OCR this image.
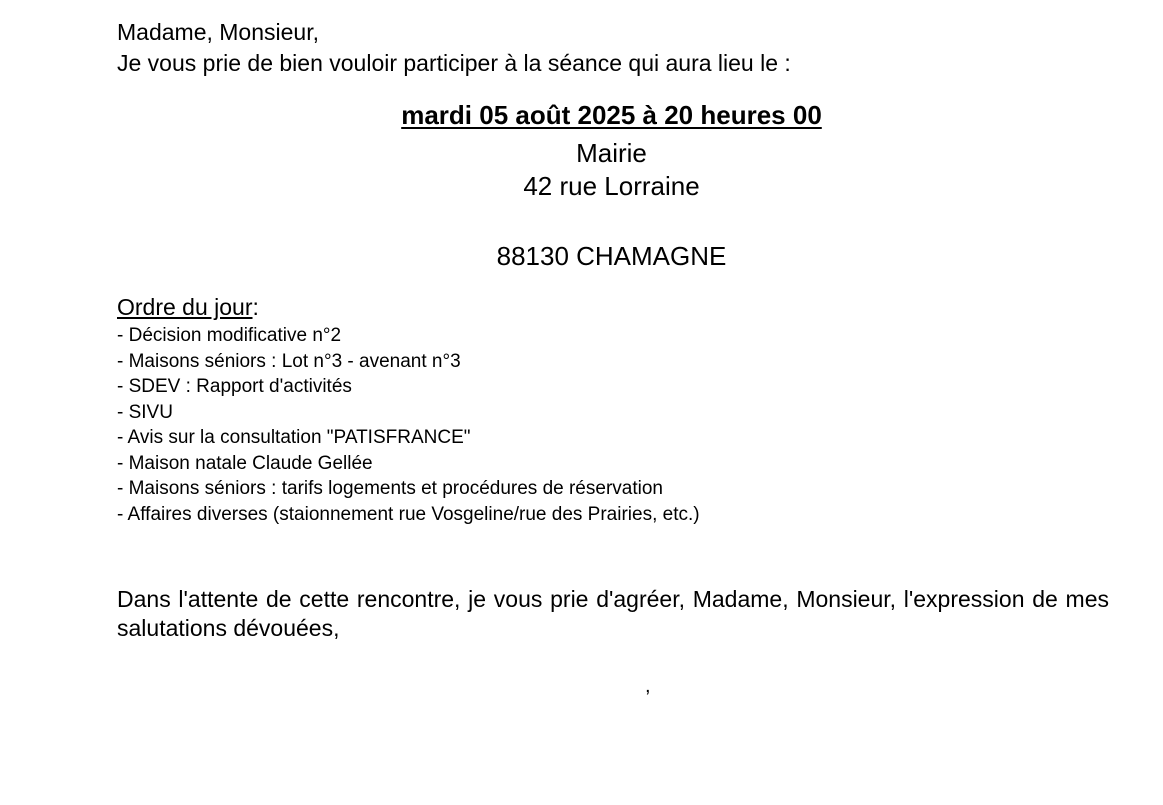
Madame, Monsieur,
Je vous prie de bien vouloir participer à la séance qui aura lieu le :
mardi 05 août 2025 à 20 heures 00
Mairie
42 rue Lorraine
88130 CHAMAGNE
Ordre du jour:
- Décision modificative n°2
- Maisons séniors : Lot n°3 - avenant n°3
- SDEV : Rapport d'activités
- SIVU
- Avis sur la consultation "PATISFRANCE"
- Maison natale Claude Gellée
- Maisons séniors : tarifs logements et procédures de réservation
- Affaires diverses (staionnement rue Vosgeline/rue des Prairies, etc.)
Dans l'attente de cette rencontre, je vous prie d'agréer, Madame, Monsieur, l'expression de mes salutations dévouées,
,
